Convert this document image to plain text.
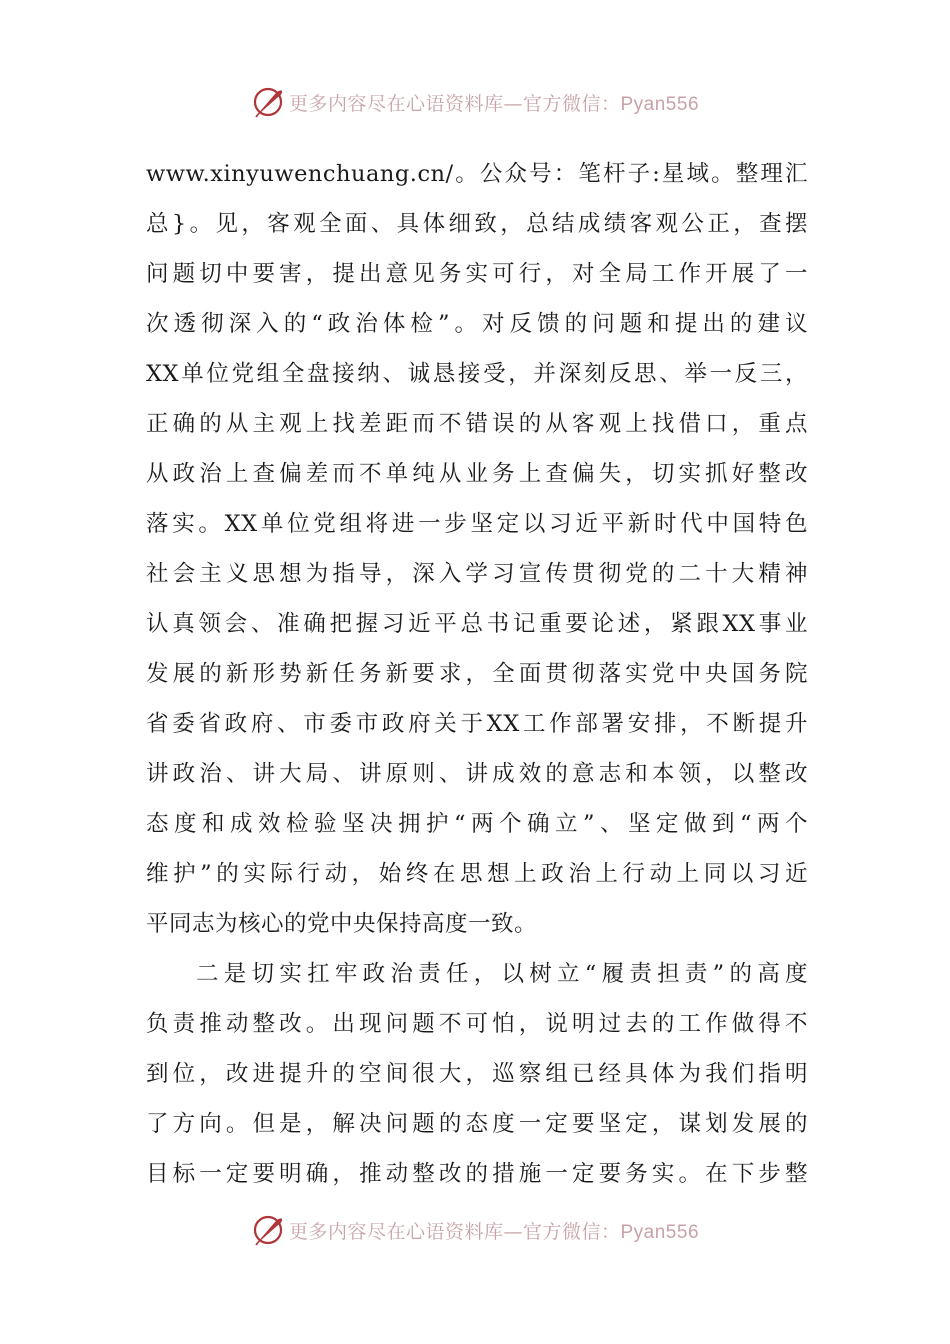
更多内容尽在心语资料库—官方微信：Pyan556
www.xinyuwenchuang.cn/。公众号：笔杆子:星域。整理汇
总}。见，客观全面、具体细致，总结成绩客观公正，查摆
问题切中要害，提出意见务实可行，对全局工作开展了一
次透彻深入的“政治体检”。对反馈的问题和提出的建议
XX单位党组全盘接纳、诚恳接受，并深刻反思、举一反三，
正确的从主观上找差距而不错误的从客观上找借口，重点
从政治上查偏差而不单纯从业务上查偏失，切实抓好整改
落实。XX单位党组将进一步坚定以习近平新时代中国特色
社会主义思想为指导，深入学习宣传贯彻党的二十大精神
认真领会、准确把握习近平总书记重要论述，紧跟XX事业
发展的新形势新任务新要求，全面贯彻落实党中央国务院
省委省政府、市委市政府关于XX工作部署安排，不断提升
讲政治、讲大局、讲原则、讲成效的意志和本领，以整改
态度和成效检验坚决拥护“两个确立”、坚定做到“两个
维护”的实际行动，始终在思想上政治上行动上同以习近
平同志为核心的党中央保持高度一致。
二是切实扛牢政治责任，以树立“履责担责”的高度
负责推动整改。出现问题不可怕，说明过去的工作做得不
到位，改进提升的空间很大，巡察组已经具体为我们指明
了方向。但是，解决问题的态度一定要坚定，谋划发展的
目标一定要明确，推动整改的措施一定要务实。在下步整
更多内容尽在心语资料库—官方微信：Pyan556
